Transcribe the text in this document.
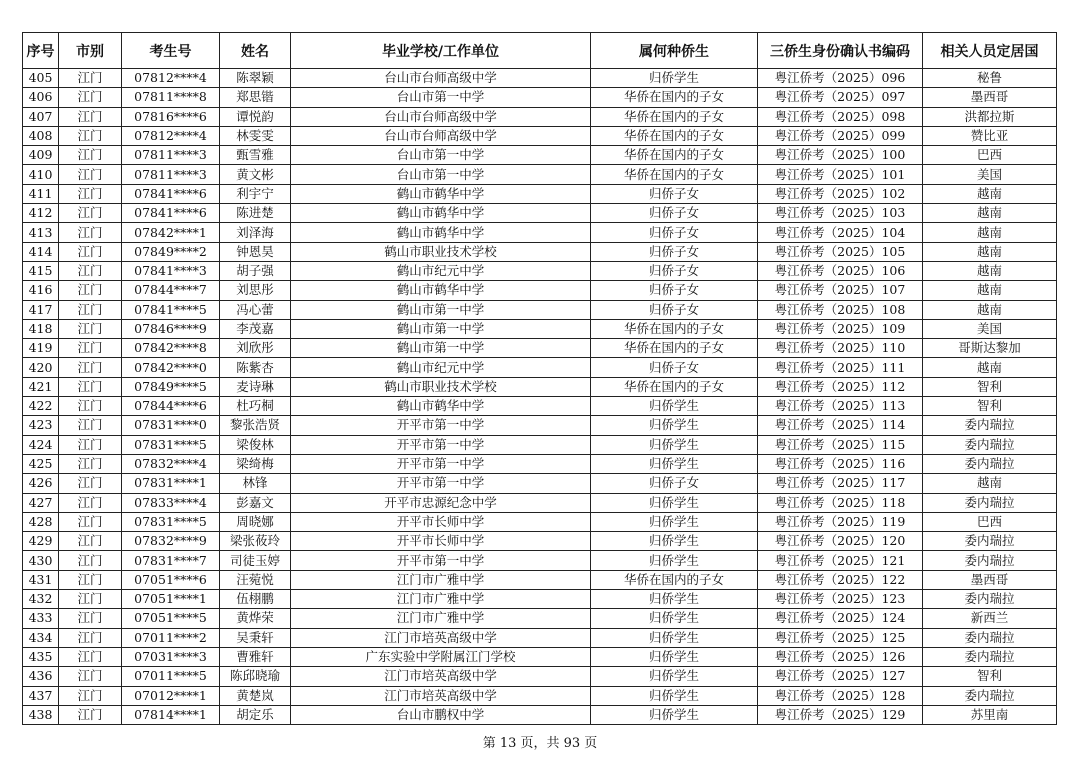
序号	市别	考生号	姓名	毕业学校/工作单位	属何种侨生	三侨生身份确认书编码	相关人员定居国
405	江门	07812****4	陈翠颖	台山市台师高级中学	归侨学生	粤江侨考（2025）096	秘鲁
406	江门	07811****8	郑思锴	台山市第一中学	华侨在国内的子女	粤江侨考（2025）097	墨西哥
407	江门	07816****6	谭悦韵	台山市台师高级中学	华侨在国内的子女	粤江侨考（2025）098	洪都拉斯
408	江门	07812****4	林雯雯	台山市台师高级中学	华侨在国内的子女	粤江侨考（2025）099	赞比亚
409	江门	07811****3	甄雪雅	台山市第一中学	华侨在国内的子女	粤江侨考（2025）100	巴西
410	江门	07811****3	黄文彬	台山市第一中学	华侨在国内的子女	粤江侨考（2025）101	美国
411	江门	07841****6	利宇宁	鹤山市鹤华中学	归侨子女	粤江侨考（2025）102	越南
412	江门	07841****6	陈进楚	鹤山市鹤华中学	归侨子女	粤江侨考（2025）103	越南
413	江门	07842****1	刘泽海	鹤山市鹤华中学	归侨子女	粤江侨考（2025）104	越南
414	江门	07849****2	钟恩昊	鹤山市职业技术学校	归侨子女	粤江侨考（2025）105	越南
415	江门	07841****3	胡子强	鹤山市纪元中学	归侨子女	粤江侨考（2025）106	越南
416	江门	07844****7	刘思彤	鹤山市鹤华中学	归侨子女	粤江侨考（2025）107	越南
417	江门	07841****5	冯心蕾	鹤山市第一中学	归侨子女	粤江侨考（2025）108	越南
418	江门	07846****9	李茂嘉	鹤山市第一中学	华侨在国内的子女	粤江侨考（2025）109	美国
419	江门	07842****8	刘欣彤	鹤山市第一中学	华侨在国内的子女	粤江侨考（2025）110	哥斯达黎加
420	江门	07842****0	陈紫杏	鹤山市纪元中学	归侨子女	粤江侨考（2025）111	越南
421	江门	07849****5	麦诗琳	鹤山市职业技术学校	华侨在国内的子女	粤江侨考（2025）112	智利
422	江门	07844****6	杜巧桐	鹤山市鹤华中学	归侨学生	粤江侨考（2025）113	智利
423	江门	07831****0	黎张浩贤	开平市第一中学	归侨学生	粤江侨考（2025）114	委内瑞拉
424	江门	07831****5	梁俊林	开平市第一中学	归侨学生	粤江侨考（2025）115	委内瑞拉
425	江门	07832****4	梁绮梅	开平市第一中学	归侨学生	粤江侨考（2025）116	委内瑞拉
426	江门	07831****1	林锋	开平市第一中学	归侨子女	粤江侨考（2025）117	越南
427	江门	07833****4	彭嘉文	开平市忠源纪念中学	归侨学生	粤江侨考（2025）118	委内瑞拉
428	江门	07831****5	周晓娜	开平市长师中学	归侨学生	粤江侨考（2025）119	巴西
429	江门	07832****9	梁张莜玲	开平市长师中学	归侨学生	粤江侨考（2025）120	委内瑞拉
430	江门	07831****7	司徒玉婷	开平市第一中学	归侨学生	粤江侨考（2025）121	委内瑞拉
431	江门	07051****6	汪菀悦	江门市广雅中学	华侨在国内的子女	粤江侨考（2025）122	墨西哥
432	江门	07051****1	伍栩鹏	江门市广雅中学	归侨学生	粤江侨考（2025）123	委内瑞拉
433	江门	07051****5	黄烨荣	江门市广雅中学	归侨学生	粤江侨考（2025）124	新西兰
434	江门	07011****2	吴秉轩	江门市培英高级中学	归侨学生	粤江侨考（2025）125	委内瑞拉
435	江门	07031****3	曹雅轩	广东实验中学附属江门学校	归侨学生	粤江侨考（2025）126	委内瑞拉
436	江门	07011****5	陈邱晓瑜	江门市培英高级中学	归侨学生	粤江侨考（2025）127	智利
437	江门	07012****1	黄楚岚	江门市培英高级中学	归侨学生	粤江侨考（2025）128	委内瑞拉
438	江门	07814****1	胡定乐	台山市鹏权中学	归侨学生	粤江侨考（2025）129	苏里南
第 13 页，共 93 页
